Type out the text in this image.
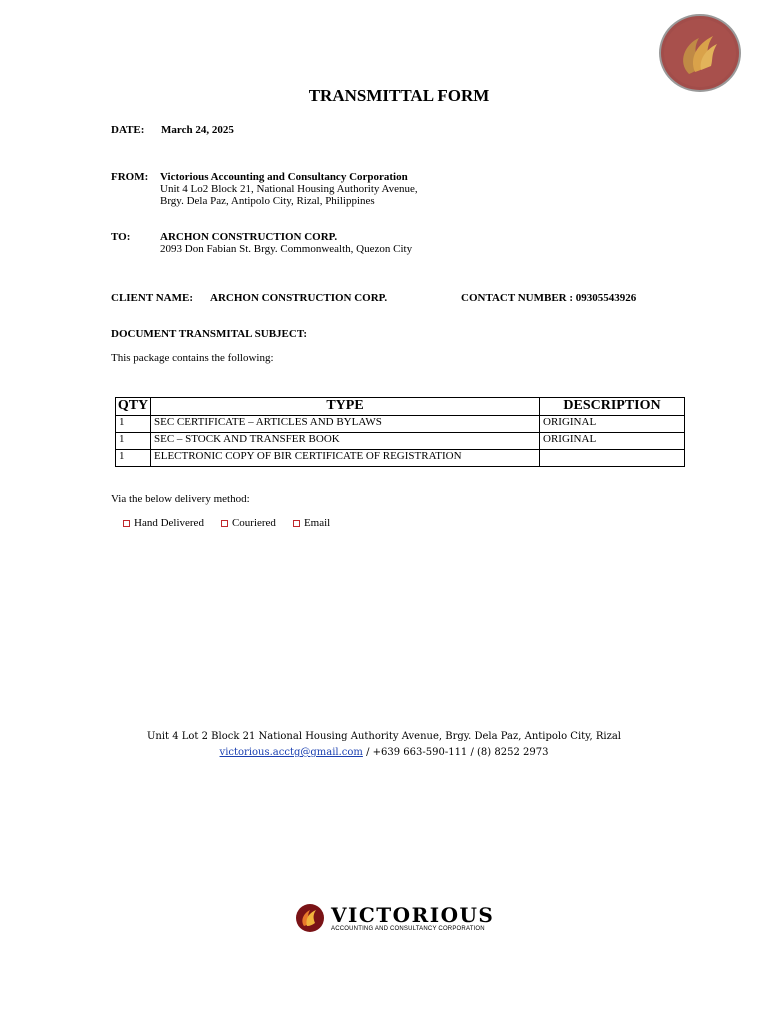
TRANSMITTAL FORM
DATE: March 24, 2025
FROM: Victorious Accounting and Consultancy Corporation
Unit 4 Lo2 Block 21, National Housing Authority Avenue,
Brgy. Dela Paz, Antipolo City, Rizal, Philippines
TO:	ARCHON CONSTRUCTION CORP.
2093 Don Fabian St. Brgy. Commonwealth, Quezon City
CLIENT NAME: ARCHON CONSTRUCTION CORP.	CONTACT NUMBER : 09305543926
DOCUMENT TRANSMITAL SUBJECT:
This package contains the following:
QTY	TYPE	DESCRIPTION
1	SEC CERTIFICATE – ARTICLES AND BYLAWS	ORIGINAL
1	SEC – STOCK AND TRANSFER BOOK	ORIGINAL
1	ELECTRONIC COPY OF BIR CERTIFICATE OF REGISTRATION	
Via the below delivery method:
Hand Delivered	Couriered	Email
Unit 4 Lot 2 Block 21 National Housing Authority Avenue, Brgy. Dela Paz, Antipolo City, Rizal
victorious.acctg@gmail.com / +639 663-590-111 / (8) 8252 2973
VICTORIOUS
ACCOUNTING AND CONSULTANCY CORPORATION
